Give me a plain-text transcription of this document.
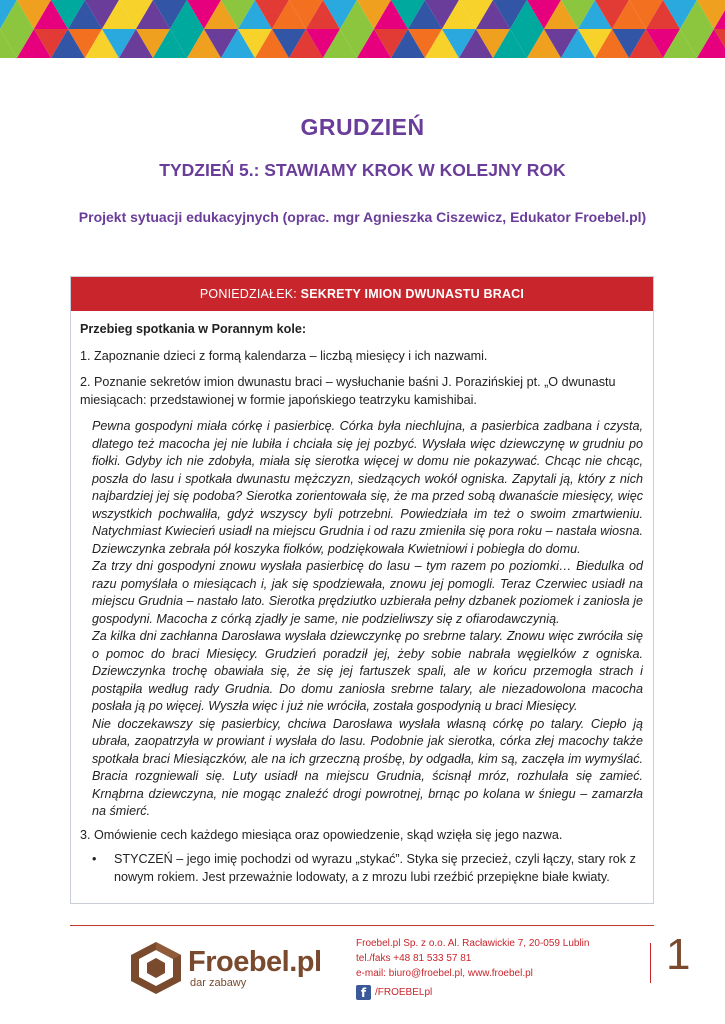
GRUDZIEŃ
TYDZIEŃ 5.: STAWIAMY KROK W KOLEJNY ROK
Projekt sytuacji edukacyjnych (oprac. mgr Agnieszka Ciszewicz, Edukator Froebel.pl)
PONIEDZIAŁEK: SEKRETY IMION DWUNASTU BRACI

Przebieg spotkania w Porannym kole:

1. Zapoznanie dzieci z formą kalendarza – liczbą miesięcy i ich nazwami.

2. Poznanie sekretów imion dwunastu braci – wysłuchanie baśni J. Porazińskiej pt. „O dwunastu miesiącach: przedstawionej w formie japońskiego teatrzyku kamishibai.

Pewna gospodyni miała córkę i pasierbicę. Córka była niechlujna, a pasierbica zadbana i czysta, dlatego też macocha jej nie lubiła i chciała się jej pozbyć. Wysłała więc dziewczynę w grudniu po fiołki. Gdyby ich nie zdobyła, miała się sierotka więcej w domu nie pokazywać. Chcąc nie chcąc, poszła do lasu i spotkała dwunastu mężczyzn, siedzących wokół ogniska. Zapytali ją, który z nich najbardziej jej się podoba? Sierotka zorientowała się, że ma przed sobą dwanaście miesięcy, więc wszystkich pochwaliła, gdyż wszyscy byli potrzebni. Powiedziała im też o swoim zmartwieniu. Natychmiast Kwiecień usiadł na miejscu Grudnia i od razu zmieniła się pora roku – nastała wiosna. Dziewczynka zebrała pół koszyka fiołków, podziękowała Kwietniowi i pobiegła do domu.

Za trzy dni gospodyni znowu wysłała pasierbicę do lasu – tym razem po poziomki… Biedulka od razu pomyślała o miesiącach i, jak się spodziewała, znowu jej pomogli. Teraz Czerwiec usiadł na miejscu Grudnia – nastało lato. Sierotka prędziutko uzbierała pełny dzbanek poziomek i zaniosła je gospodyni. Macocha z córką zjadły je same, nie podzieliwszy się z ofiarodawczynią.

Za kilka dni zachłanna Darosława wysłała dziewczynkę po srebrne talary. Znowu więc zwróciła się o pomoc do braci Miesięcy. Grudzień poradził jej, żeby sobie nabrała węgielków z ogniska. Dziewczynka trochę obawiała się, że się jej fartuszek spali, ale w końcu przemogła strach i postąpiła według rady Grudnia. Do domu zaniosła srebrne talary, ale niezadowolona macocha posłała ją po więcej. Wyszła więc i już nie wróciła, została gospodynią u braci Miesięcy.

Nie doczekawszy się pasierbicy, chciwa Darosława wysłała własną córkę po talary. Ciepło ją ubrała, zaopatrzyła w prowiant i wysłała do lasu. Podobnie jak sierotka, córka złej macochy także spotkała braci Miesiączków, ale na ich grzeczną prośbę, by odgadła, kim są, zaczęła im wymyślać. Bracia rozgniewali się. Luty usiadł na miejscu Grudnia, ścisnął mróz, rozhulała się zamieć. Krnąbrna dziewczyna, nie mogąc znaleźć drogi powrotnej, brnąc po kolana w śniegu – zamarzła na śmierć.

3. Omówienie cech każdego miesiąca oraz opowiedzenie, skąd wzięła się jego nazwa.

•	STYCZEŃ – jego imię pochodzi od wyrazu „stykać”. Styka się przecież, czyli łączy, stary rok z nowym rokiem. Jest przeważnie lodowaty, a z mrozu lubi rzeźbić przepiękne białe kwiaty.
Froebel.pl
dar zabawy
Froebel.pl Sp. z o.o. Al. Racławickie 7, 20-059 Lublin
tel./faks +48 81 533 57 81
e-mail: biuro@froebel.pl, www.froebel.pl
f /FROEBELpl
1
